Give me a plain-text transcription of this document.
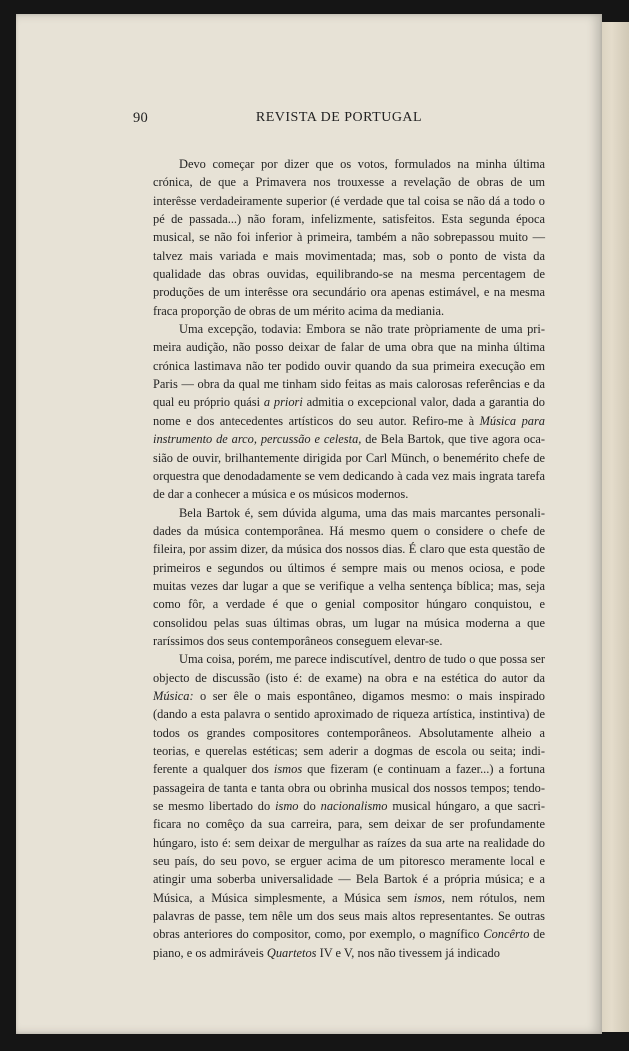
90	REVISTA DE PORTUGAL

Devo começar por dizer que os votos, formulados na minha última crónica, de que a Primavera nos trouxesse a revelação de obras de um interêsse verdadeiramente superior (é verdade que tal coisa se não dá a todo o pé de passada...) não foram, infelizmente, satisfeitos. Esta segunda época musical, se não foi inferior à primeira, também a não sobrepassou muito — talvez mais variada e mais movimentada; mas, sob o ponto de vista da qualidade das obras ouvidas, equilibrando-se na mesma percentagem de produções de um interêsse ora secundário ora apenas estimável, e na mesma fraca proporção de obras de um mérito acima da mediania.

Uma excepção, todavia: Embora se não trate pròpriamente de uma primeira audição, não posso deixar de falar de uma obra que na minha última crónica lastimava não ter podido ouvir quando da sua primeira execução em Paris — obra da qual me tinham sido feitas as mais calorosas referências e da qual eu próprio quási a priori admitia o excepcional valor, dada a garantia do nome e dos antecedentes artísticos do seu autor. Refiro-me à Música para instrumento de arco, percussão e celesta, de Bela Bartok, que tive agora ocasião de ouvir, brilhantemente dirigida por Carl Münch, o benemérito chefe de orquestra que denodadamente se vem dedicando à cada vez mais ingrata tarefa de dar a conhecer a música e os músicos modernos.

Bela Bartok é, sem dúvida alguma, uma das mais marcantes personalidades da música contemporânea. Há mesmo quem o considere o chefe de fileira, por assim dizer, da música dos nossos dias. É claro que esta questão de primeiros e segundos ou últimos é sempre mais ou menos ociosa, e pode muitas vezes dar lugar a que se verifique a velha sentença bíblica; mas, seja como fôr, a verdade é que o genial compositor húngaro conquistou, e consolidou pelas suas últimas obras, um lugar na música moderna a que raríssimos dos seus contemporâneos conseguem elevar-se.

Uma coisa, porém, me parece indiscutível, dentro de tudo o que possa ser objecto de discussão (isto é: de exame) na obra e na estética do autor da Música: o ser êle o mais espontâneo, digamos mesmo: o mais inspirado (dando a esta palavra o sentido aproximado de riqueza artística, instintiva) de todos os grandes compositores contemporâneos. Absolutamente alheio a teorias, e querelas estéticas; sem aderir a dogmas de escola ou seita; indiferente a qualquer dos ismos que fizeram (e continuam a fazer...) a fortuna passageira de tanta e tanta obra ou obrinha musical dos nossos tempos; tendo-se mesmo libertado do ismo do nacionalismo musical húngaro, a que sacrificara no comêço da sua carreira, para, sem deixar de ser profundamente húngaro, isto é: sem deixar de mergulhar as raízes da sua arte na realidade do seu país, do seu povo, se erguer acima de um pitoresco meramente local e atingir uma soberba universalidade — Bela Bartok é a própria música; e a Música, a Música simplesmente, a Música sem ismos, nem rótulos, nem palavras de passe, tem nêle um dos seus mais altos representantes. Se outras obras anteriores do compositor, como, por exemplo, o magnífico Concêrto de piano, e os admiráveis Quartetos IV e V, nos não tivessem já indicado
